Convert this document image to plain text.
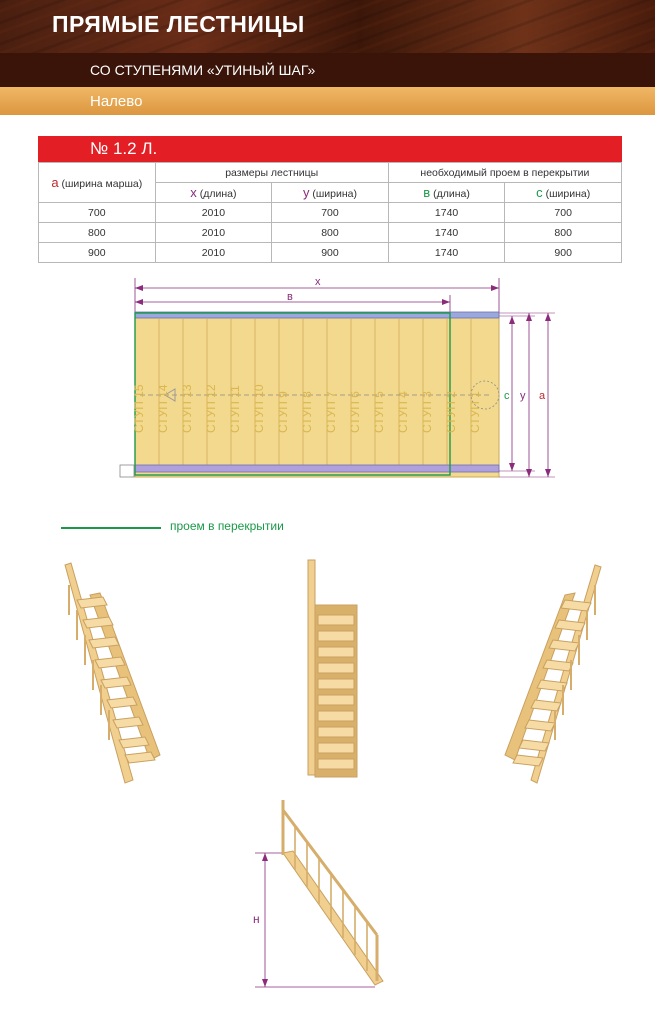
ПРЯМЫЕ ЛЕСТНИЦЫ
СО СТУПЕНЯМИ «УТИНЫЙ ШАГ»
Налево
№ 1.2 Л.
a (ширина марша)	размеры лестницы		необходимый проем в перекрытии	
	x (длина)	y (ширина)	в (длина)	c (ширина)
700	2010	700	1740	700
800	2010	800	1740	800
900	2010	900	1740	900
x
в
СТУП 15 СТУП 14 СТУП 13 СТУП 12 СТУП 11 СТУП 10 СТУП 9 СТУП 8 СТУП 7 СТУП 6 СТУП 5 СТУП 4 СТУП 3 СТУП 2 СТУП 1 c y a
проем в перекрытии
н
